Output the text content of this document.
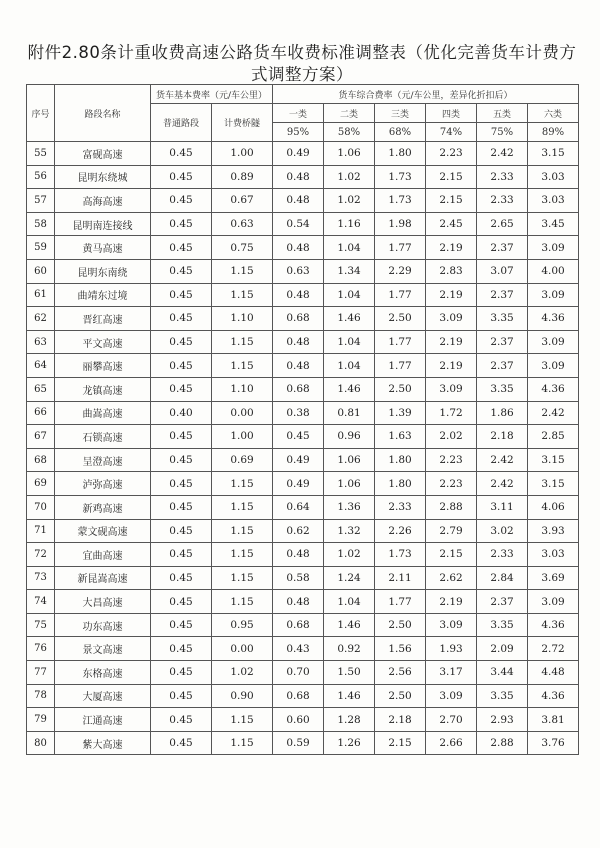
附件2.80条计重收费高速公路货车收费标准调整表（优化完善货车计费方式调整方案）
序号	路段名称	货车基本费率（元/车公里）		货车综合费率（元/车公里，差异化折扣后）					
		普通路段	计费桥隧	一类	二类	三类	四类	五类	六类
				95%	58%	68%	74%	75%	89%
55	富砚高速	0.45	1.00	0.49	1.06	1.80	2.23	2.42	3.15
56	昆明东绕城	0.45	0.89	0.48	1.02	1.73	2.15	2.33	3.03
57	高海高速	0.45	0.67	0.48	1.02	1.73	2.15	2.33	3.03
58	昆明南连接线	0.45	0.63	0.54	1.16	1.98	2.45	2.65	3.45
59	黄马高速	0.45	0.75	0.48	1.04	1.77	2.19	2.37	3.09
60	昆明东南绕	0.45	1.15	0.63	1.34	2.29	2.83	3.07	4.00
61	曲靖东过境	0.45	1.15	0.48	1.04	1.77	2.19	2.37	3.09
62	晋红高速	0.45	1.10	0.68	1.46	2.50	3.09	3.35	4.36
63	平文高速	0.45	1.15	0.48	1.04	1.77	2.19	2.37	3.09
64	丽攀高速	0.45	1.15	0.48	1.04	1.77	2.19	2.37	3.09
65	龙镇高速	0.45	1.10	0.68	1.46	2.50	3.09	3.35	4.36
66	曲嵩高速	0.40	0.00	0.38	0.81	1.39	1.72	1.86	2.42
67	石锁高速	0.45	1.00	0.45	0.96	1.63	2.02	2.18	2.85
68	呈澄高速	0.45	0.69	0.49	1.06	1.80	2.23	2.42	3.15
69	泸弥高速	0.45	1.15	0.49	1.06	1.80	2.23	2.42	3.15
70	新鸡高速	0.45	1.15	0.64	1.36	2.33	2.88	3.11	4.06
71	蒙文砚高速	0.45	1.15	0.62	1.32	2.26	2.79	3.02	3.93
72	宜曲高速	0.45	1.15	0.48	1.02	1.73	2.15	2.33	3.03
73	新昆嵩高速	0.45	1.15	0.58	1.24	2.11	2.62	2.84	3.69
74	大昌高速	0.45	1.15	0.48	1.04	1.77	2.19	2.37	3.09
75	功东高速	0.45	0.95	0.68	1.46	2.50	3.09	3.35	4.36
76	景文高速	0.45	0.00	0.43	0.92	1.56	1.93	2.09	2.72
77	东格高速	0.45	1.02	0.70	1.50	2.56	3.17	3.44	4.48
78	大厦高速	0.45	0.90	0.68	1.46	2.50	3.09	3.35	4.36
79	江通高速	0.45	1.15	0.60	1.28	2.18	2.70	2.93	3.81
80	紫大高速	0.45	1.15	0.59	1.26	2.15	2.66	2.88	3.76
